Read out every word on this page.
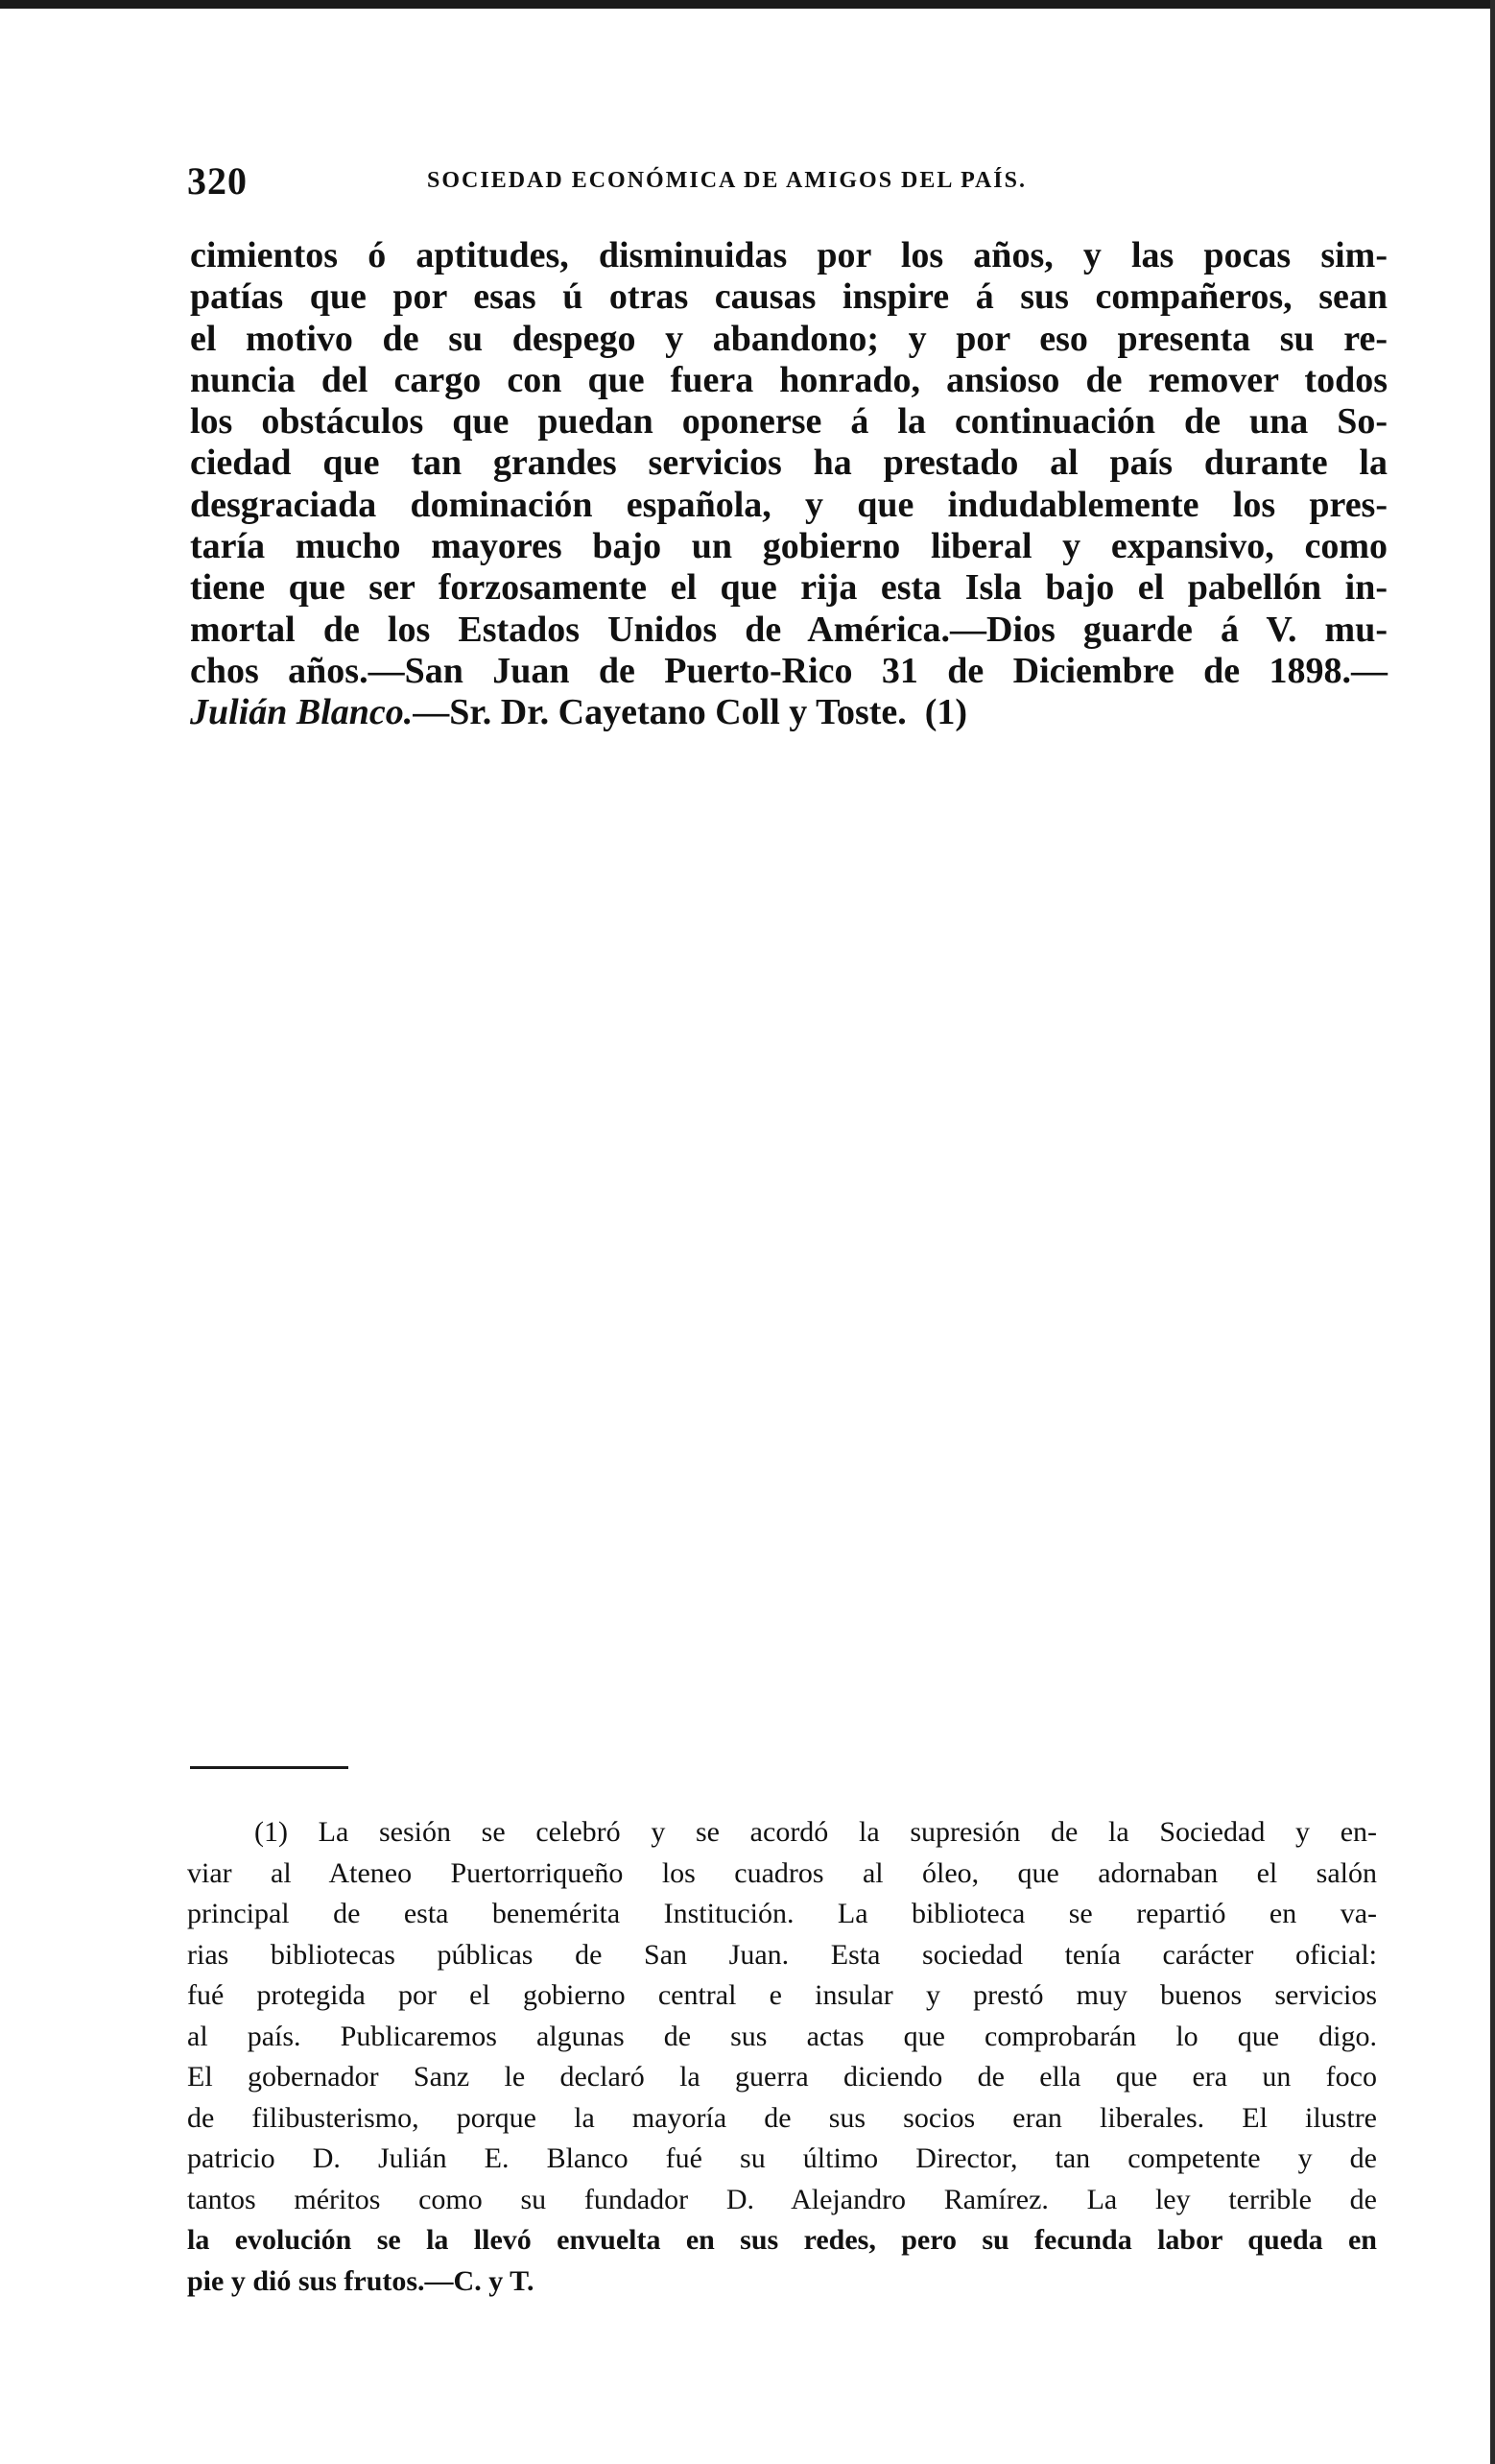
320	SOCIEDAD ECONÓMICA DE AMIGOS DEL PAÍS.

cimientos ó aptitudes, disminuidas por los años, y las pocas sim-

patías que por esas ú otras causas inspire á sus compañeros, sean

el motivo de su despego y abandono; y por eso presenta su re-

nuncia del cargo con que fuera honrado, ansioso de remover todos

los obstáculos que puedan oponerse á la continuación de una So-

ciedad que tan grandes servicios ha prestado al país durante la

desgraciada dominación española, y que indudablemente los pres-

taría mucho mayores bajo un gobierno liberal y expansivo, como

tiene que ser forzosamente el que rija esta Isla bajo el pabellón in-

mortal de los Estados Unidos de América.—Dios guarde á V. mu-

chos años.—San Juan de Puerto-Rico 31 de Diciembre de 1898.—

Julián Blanco.—Sr. Dr. Cayetano Coll y Toste. (1)

(1) La sesión se celebró y se acordó la supresión de la Sociedad y en-

viar al Ateneo Puertorriqueño los cuadros al óleo, que adornaban el salón

principal de esta benemérita Institución. La biblioteca se repartió en va-

rias bibliotecas públicas de San Juan. Esta sociedad tenía carácter oficial:

fué protegida por el gobierno central e insular y prestó muy buenos servicios

al país. Publicaremos algunas de sus actas que comprobarán lo que digo.

El gobernador Sanz le declaró la guerra diciendo de ella que era un foco

de filibusterismo, porque la mayoría de sus socios eran liberales. El ilustre

patricio D. Julián E. Blanco fué su último Director, tan competente y de

tantos méritos como su fundador D. Alejandro Ramírez. La ley terrible de

la evolución se la llevó envuelta en sus redes, pero su fecunda labor queda en

pie y dió sus frutos.—C. y T.
